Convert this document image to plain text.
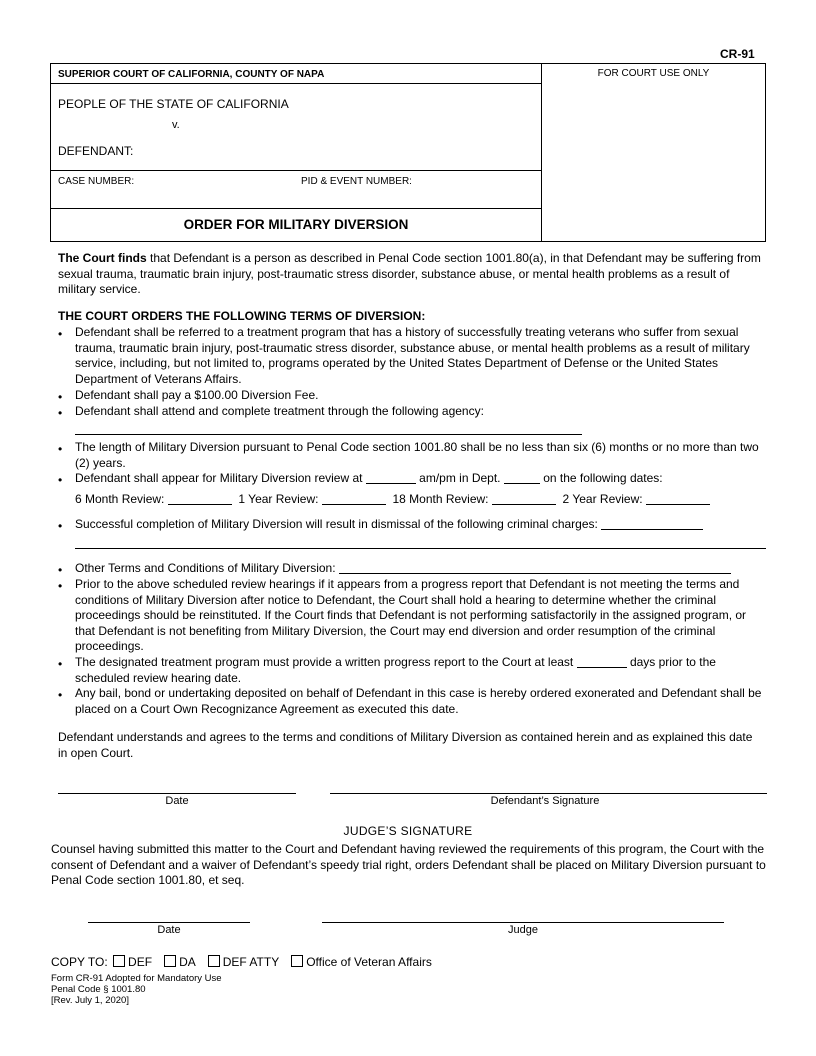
CR-91
SUPERIOR COURT OF CALIFORNIA, COUNTY OF NAPA
PEOPLE OF THE STATE OF CALIFORNIA
v.
DEFENDANT:
CASE NUMBER:	PID & EVENT NUMBER:
ORDER FOR MILITARY DIVERSION
FOR COURT USE ONLY
The Court finds that Defendant is a person as described in Penal Code section 1001.80(a), in that Defendant may be suffering from sexual trauma, traumatic brain injury, post-traumatic stress disorder, substance abuse, or mental health problems as a result of military service.
THE COURT ORDERS THE FOLLOWING TERMS OF DIVERSION:
• Defendant shall be referred to a treatment program that has a history of successfully treating veterans who suffer from sexual trauma, traumatic brain injury, post-traumatic stress disorder, substance abuse, or mental health problems as a result of military service, including, but not limited to, programs operated by the United States Department of Defense or the United States Department of Veterans Affairs.
• Defendant shall pay a $100.00 Diversion Fee.
• Defendant shall attend and complete treatment through the following agency:
• The length of Military Diversion pursuant to Penal Code section 1001.80 shall be no less than six (6) months or no more than two (2) years.
• Defendant shall appear for Military Diversion review at	am/pm in Dept.	on the following dates:
6 Month Review:	1 Year Review:	18 Month Review:	2 Year Review:
• Successful completion of Military Diversion will result in dismissal of the following criminal charges:
• Other Terms and Conditions of Military Diversion:
• Prior to the above scheduled review hearings if it appears from a progress report that Defendant is not meeting the terms and conditions of Military Diversion after notice to Defendant, the Court shall hold a hearing to determine whether the criminal proceedings should be reinstituted. If the Court finds that Defendant is not performing satisfactorily in the assigned program, or that Defendant is not benefiting from Military Diversion, the Court may end diversion and order resumption of the criminal proceedings.
• The designated treatment program must provide a written progress report to the Court at least	days prior to the scheduled review hearing date.
• Any bail, bond or undertaking deposited on behalf of Defendant in this case is hereby ordered exonerated and Defendant shall be placed on a Court Own Recognizance Agreement as executed this date.
Defendant understands and agrees to the terms and conditions of Military Diversion as contained herein and as explained this date in open Court.
Date	Defendant’s Signature
JUDGE’S SIGNATURE
Counsel having submitted this matter to the Court and Defendant having reviewed the requirements of this program, the Court with the consent of Defendant and a waiver of Defendant’s speedy trial right, orders Defendant shall be placed on Military Diversion pursuant to Penal Code section 1001.80, et seq.
Date	Judge
COPY TO: DEF DA DEF ATTY Office of Veteran Affairs
Form CR-91 Adopted for Mandatory Use
Penal Code § 1001.80
[Rev. July 1, 2020]
